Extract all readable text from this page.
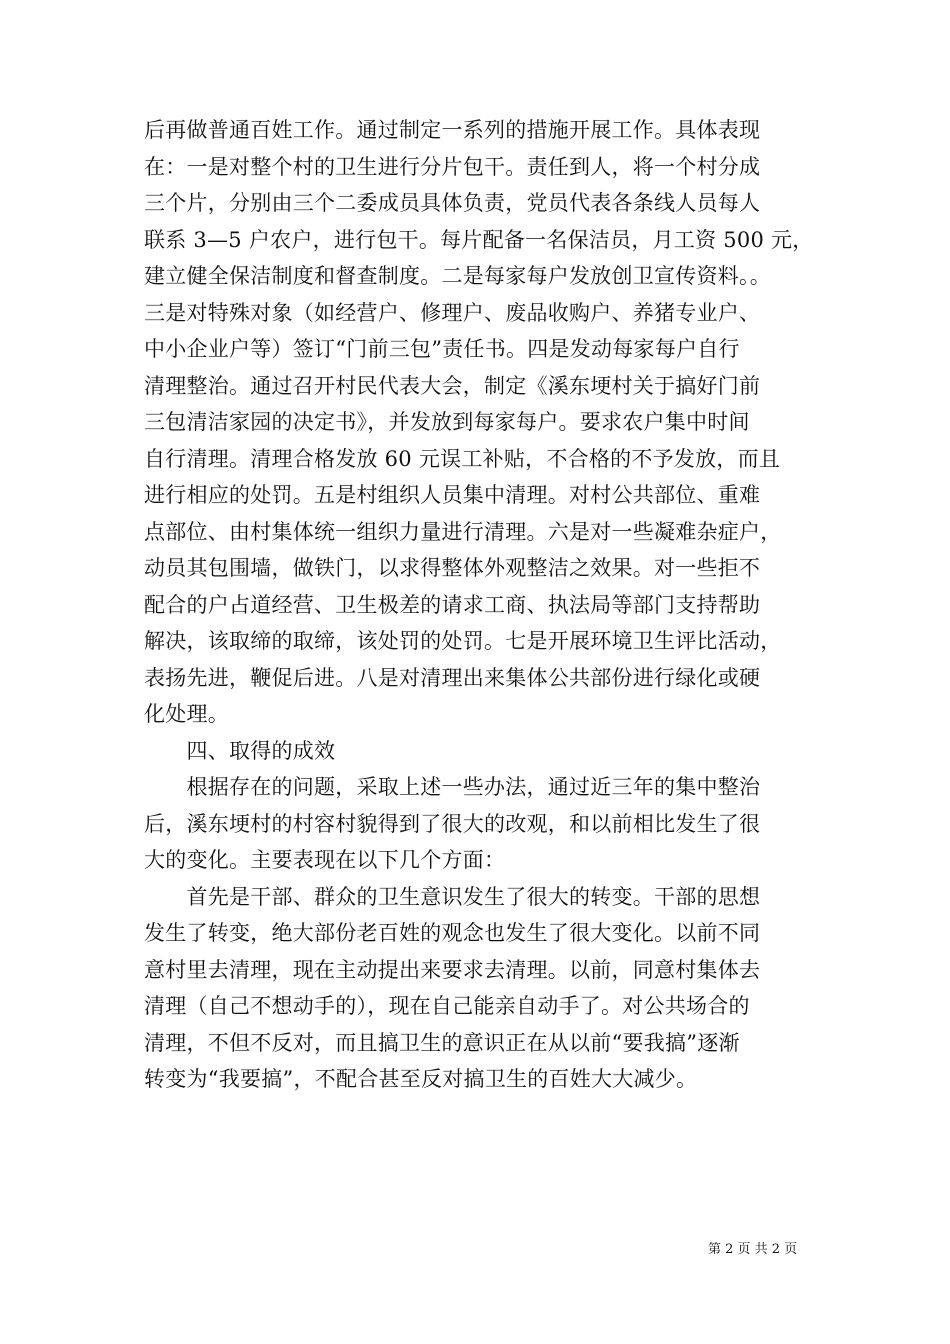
后再做普通百姓工作。通过制定一系列的措施开展工作。具体表现

在：一是对整个村的卫生进行分片包干。责任到人，将一个村分成

三个片，分别由三个二委成员具体负责，党员代表各条线人员每人

联系 3—5 户农户，进行包干。每片配备一名保洁员，月工资 500 元，

建立健全保洁制度和督查制度。二是每家每户发放创卫宣传资料。。

三是对特殊对象（如经营户、修理户、废品收购户、养猪专业户、

中小企业户等）签订“门前三包”责任书。四是发动每家每户自行

清理整治。通过召开村民代表大会，制定《溪东埂村关于搞好门前

三包清洁家园的决定书》，并发放到每家每户。要求农户集中时间

自行清理。清理合格发放 60 元误工补贴，不合格的不予发放，而且

进行相应的处罚。五是村组织人员集中清理。对村公共部位、重难

点部位、由村集体统一组织力量进行清理。六是对一些凝难杂症户，

动员其包围墙，做铁门，以求得整体外观整洁之效果。对一些拒不

配合的户占道经营、卫生极差的请求工商、执法局等部门支持帮助

解决，该取缔的取缔，该处罚的处罚。七是开展环境卫生评比活动，

表扬先进，鞭促后进。八是对清理出来集体公共部份进行绿化或硬

化处理。

　　四、取得的成效

　　根据存在的问题，采取上述一些办法，通过近三年的集中整治

后，溪东埂村的村容村貌得到了很大的改观，和以前相比发生了很

大的变化。主要表现在以下几个方面：

　　首先是干部、群众的卫生意识发生了很大的转变。干部的思想

发生了转变，绝大部份老百姓的观念也发生了很大变化。以前不同

意村里去清理，现在主动提出来要求去清理。以前，同意村集体去

清理（自己不想动手的），现在自己能亲自动手了。对公共场合的

清理，不但不反对，而且搞卫生的意识正在从以前“要我搞”逐渐

转变为“我要搞”，不配合甚至反对搞卫生的百姓大大减少。

第 2 页 共 2 页
